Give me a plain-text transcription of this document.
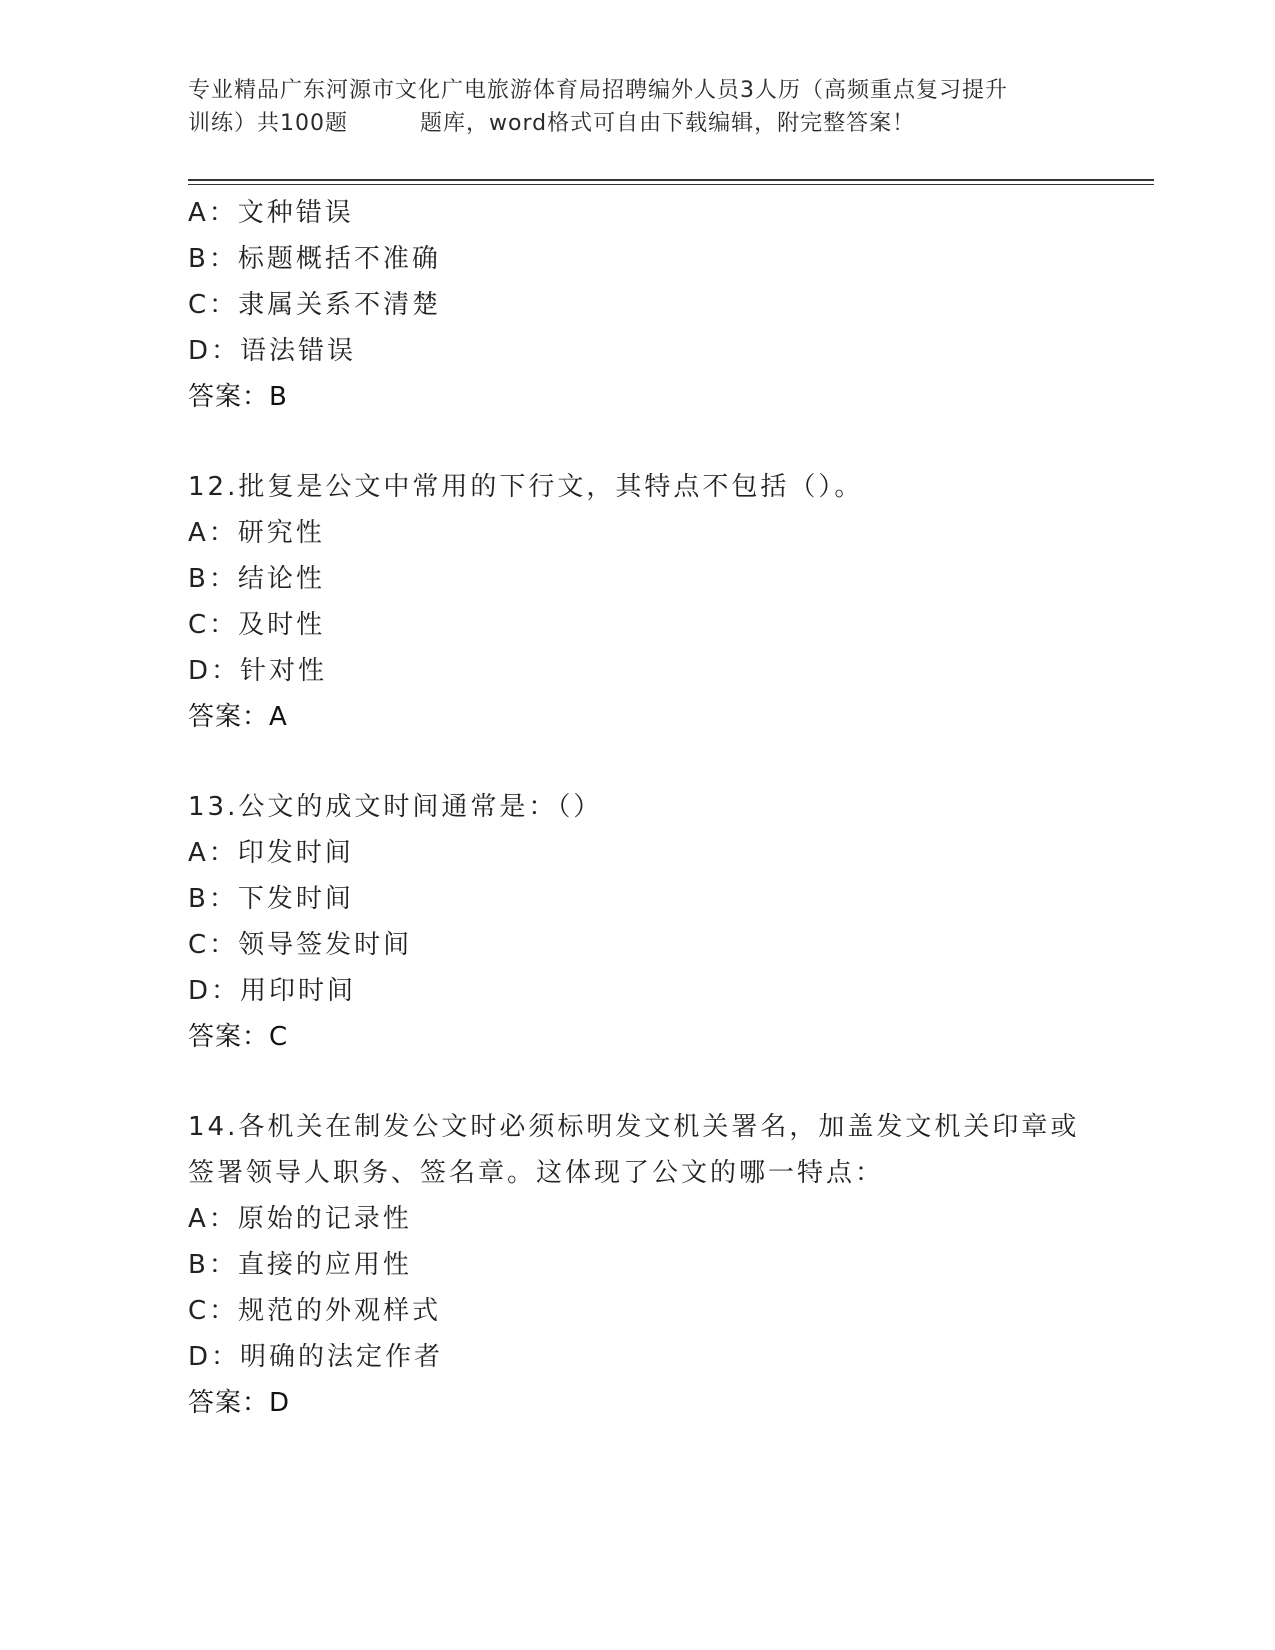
专业精品广东河源市文化广电旅游体育局招聘编外人员3人历（高频重点复习提升
训练）共100题	题库，word格式可自由下载编辑，附完整答案！
A：文种错误
B：标题概括不准确
C：隶属关系不清楚
D：语法错误
答案：B
12.批复是公文中常用的下行文，其特点不包括（）。
A：研究性
B：结论性
C：及时性
D：针对性
答案：A
13.公文的成文时间通常是：（）
A：印发时间
B：下发时间
C：领导签发时间
D：用印时间
答案：C
14.各机关在制发公文时必须标明发文机关署名，加盖发文机关印章或
签署领导人职务、签名章。这体现了公文的哪一特点：
A：原始的记录性
B：直接的应用性
C：规范的外观样式
D：明确的法定作者
答案：D
